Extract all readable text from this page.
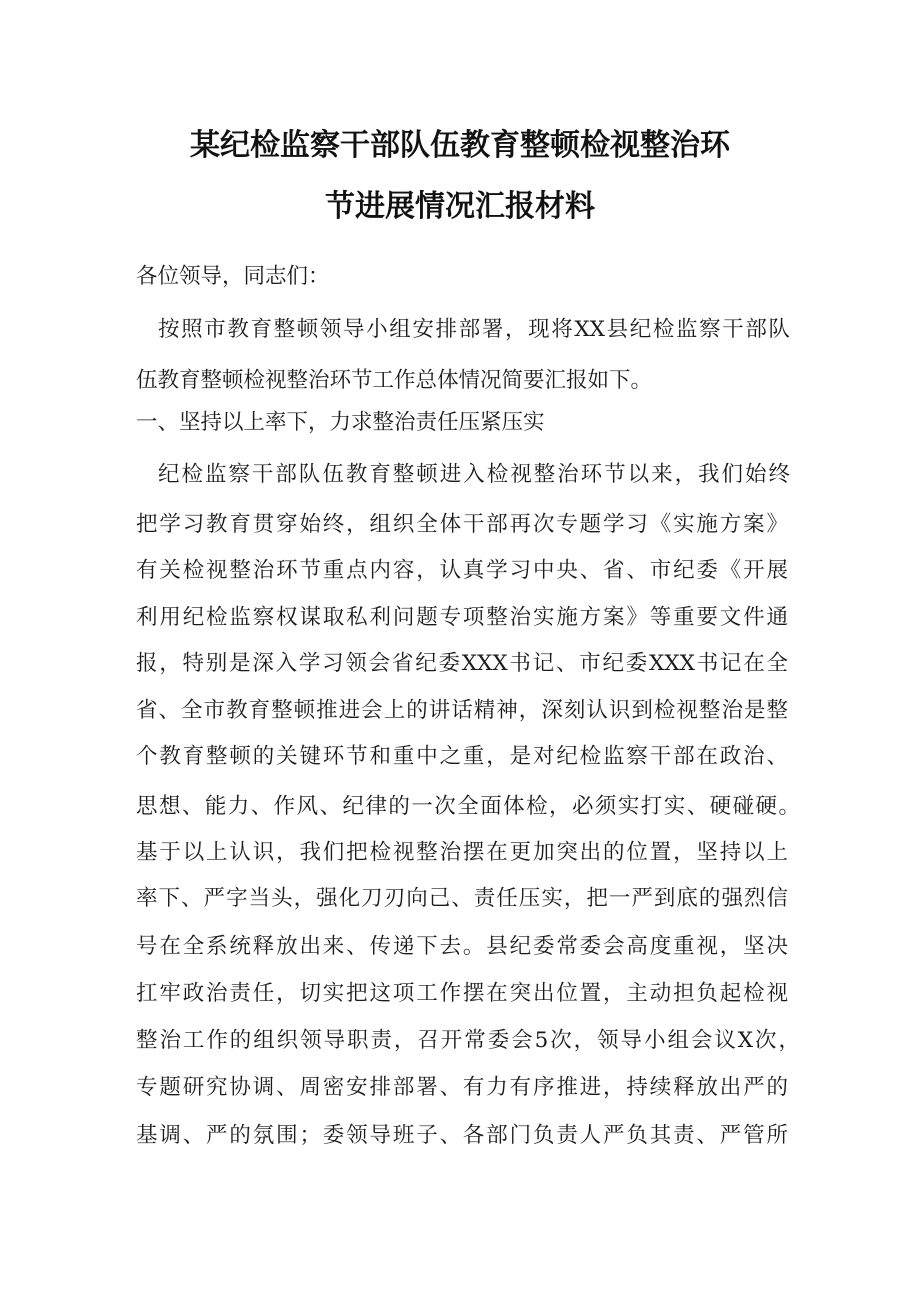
某纪检监察干部队伍教育整顿检视整治环
节进展情况汇报材料
各位领导，同志们：
按照市教育整顿领导小组安排部署，现将XX县纪检监察干部队
伍教育整顿检视整治环节工作总体情况简要汇报如下。
一、坚持以上率下，力求整治责任压紧压实
纪检监察干部队伍教育整顿进入检视整治环节以来，我们始终
把学习教育贯穿始终，组织全体干部再次专题学习《实施方案》
有关检视整治环节重点内容，认真学习中央、省、市纪委《开展
利用纪检监察权谋取私利问题专项整治实施方案》等重要文件通
报，特别是深入学习领会省纪委XXX书记、市纪委XXX书记在全
省、全市教育整顿推进会上的讲话精神，深刻认识到检视整治是整
个教育整顿的关键环节和重中之重，是对纪检监察干部在政治、
思想、能力、作风、纪律的一次全面体检，必须实打实、硬碰硬。
基于以上认识，我们把检视整治摆在更加突出的位置，坚持以上
率下、严字当头，强化刀刃向己、责任压实，把一严到底的强烈信
号在全系统释放出来、传递下去。县纪委常委会高度重视，坚决
扛牢政治责任，切实把这项工作摆在突出位置，主动担负起检视
整治工作的组织领导职责，召开常委会5次，领导小组会议X次，
专题研究协调、周密安排部署、有力有序推进，持续释放出严的
基调、严的氛围；委领导班子、各部门负责人严负其责、严管所
